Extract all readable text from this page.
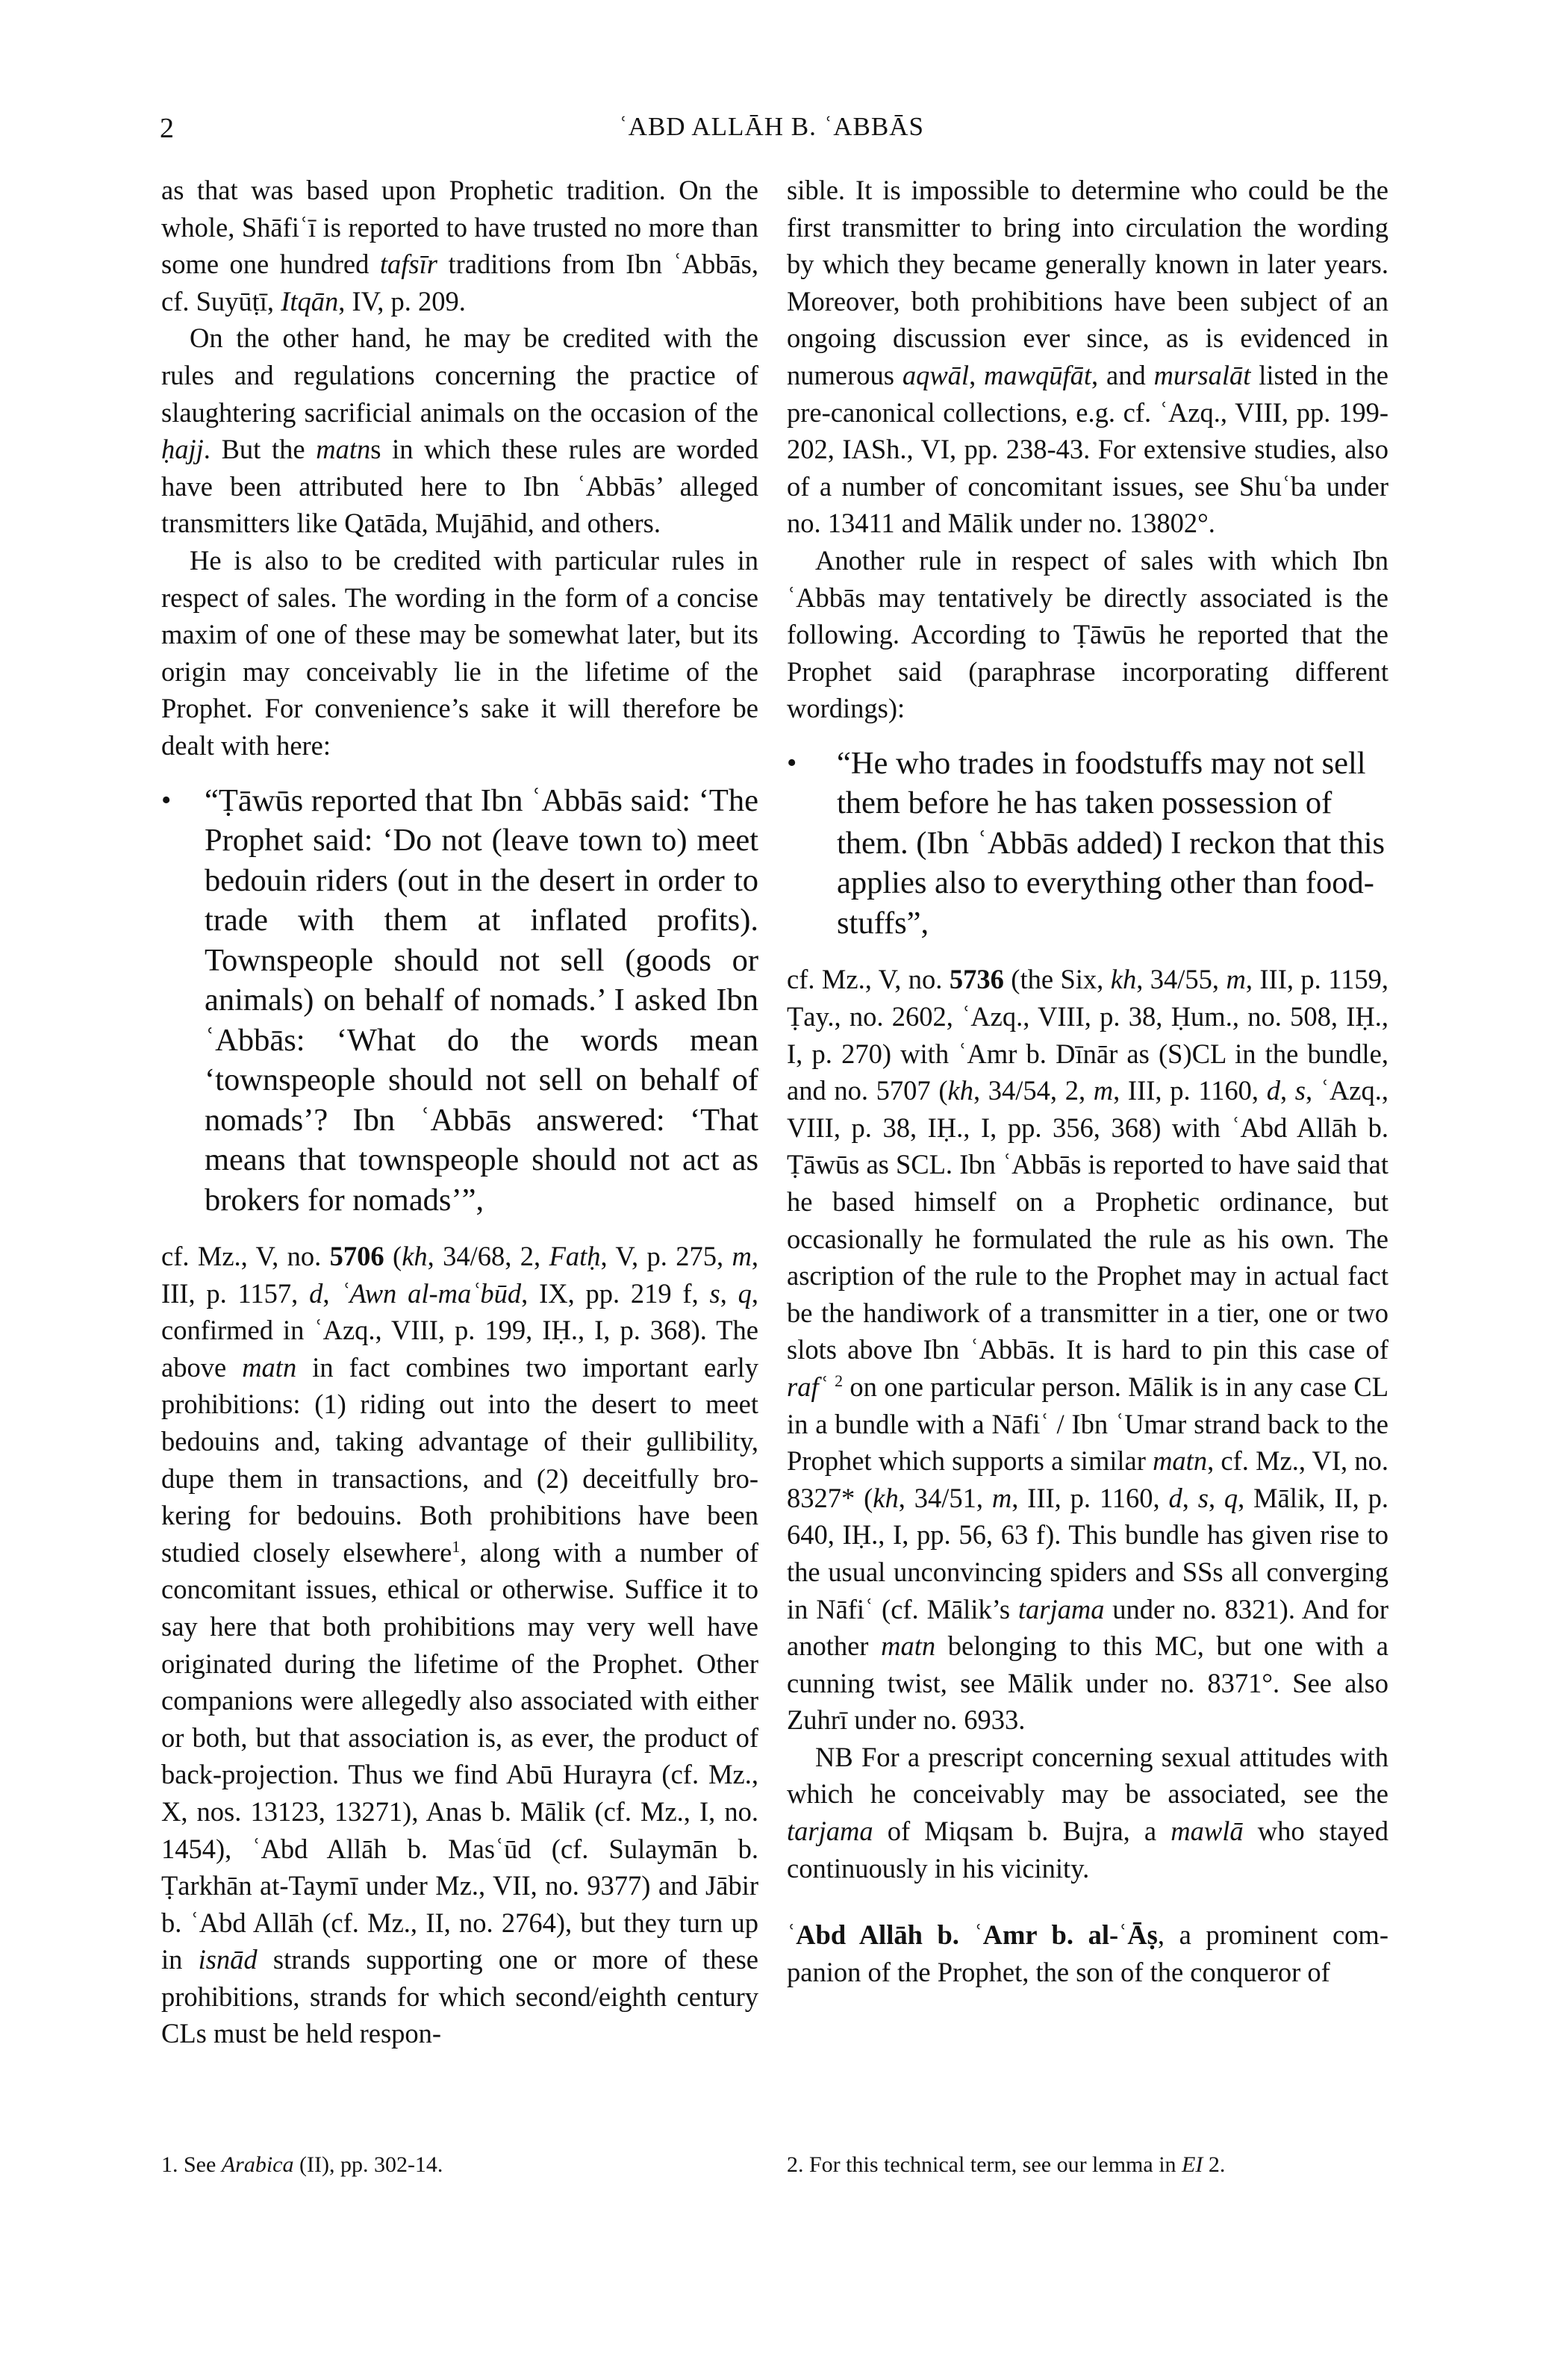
2	ʿABD ALLĀH B. ʿABBĀS

as that was based upon Prophetic tradition. On the whole, Shāfiʿī is reported to have trusted no more than some one hundred tafsīr traditions from Ibn ʿAbbās, cf. Suyūṭī, Itqān, IV, p. 209.

On the other hand, he may be credited with the rules and regulations concerning the practice of slaughtering sacrificial animals on the occasion of the ḥajj. But the matns in which these rules are worded have been attributed here to Ibn ʿAbbās’ alleged transmitters like Qatāda, Mujāhid, and others.

He is also to be credited with particular rules in respect of sales. The wording in the form of a concise maxim of one of these may be somewhat later, but its origin may conceivably lie in the lifetime of the Prophet. For convenience’s sake it will therefore be dealt with here:

• “Ṭāwūs reported that Ibn ʿAbbās said: ‘The Prophet said: ‘Do not (leave town to) meet bedouin riders (out in the desert in order to trade with them at inflated profits). Townspeople should not sell (goods or animals) on behalf of nomads.’ I asked Ibn ʿAbbās: ‘What do the words mean ‘townspeople should not sell on behalf of nomads’? Ibn ʿAbbās answered: ‘That means that townspeople should not act as brokers for nomads’”,

cf. Mz., V, no. 5706 (kh, 34/68, 2, Fatḥ, V, p. 275, m, III, p. 1157, d, ʿAwn al-maʿbūd, IX, pp. 219 f, s, q, confirmed in ʿAzq., VIII, p. 199, IḤ., I, p. 368). The above matn in fact combines two important early prohibitions: (1) riding out into the desert to meet bedouins and, taking advantage of their gullibility, dupe them in transactions, and (2) deceitfully brokering for bedouins. Both prohibitions have been studied closely elsewhere$^1$, along with a number of concomitant issues, ethical or otherwise. Suffice it to say here that both prohibitions may very well have originated during the lifetime of the Prophet. Other companions were allegedly also associated with either or both, but that association is, as ever, the product of back-projection. Thus we find Abū Hurayra (cf. Mz., X, nos. 13123, 13271), Anas b. Mālik (cf. Mz., I, no. 1454), ʿAbd Allāh b. Masʿūd (cf. Sulaymān b. Ṭarkhān at-Taymī under Mz., VII, no. 9377) and Jābir b. ʿAbd Allāh (cf. Mz., II, no. 2764), but they turn up in isnād strands supporting one or more of these prohibitions, strands for which second/eighth century CLs must be held respon-

sible. It is impossible to determine who could be the first transmitter to bring into circulation the wording by which they became generally known in later years. Moreover, both prohibitions have been subject of an ongoing discussion ever since, as is evidenced in numerous aqwāl, mawqūfāt, and mursalāt listed in the pre-canonical collections, e.g. cf. ʿAzq., VIII, pp. 199-202, IASh., VI, pp. 238-43. For extensive studies, also of a number of concomitant issues, see Shuʿba under no. 13411 and Mālik under no. 13802°.

Another rule in respect of sales with which Ibn ʿAbbās may tentatively be directly associated is the following. According to Ṭāwūs he reported that the Prophet said (paraphrase incorporating different wordings):

• “He who trades in foodstuffs may not sell them before he has taken possession of them. (Ibn ʿAbbās added) I reckon that this applies also to everything other than foodstuffs”,

cf. Mz., V, no. 5736 (the Six, kh, 34/55, m, III, p. 1159, Ṭay., no. 2602, ʿAzq., VIII, p. 38, Ḥum., no. 508, IḤ., I, p. 270) with ʿAmr b. Dīnār as (S)CL in the bundle, and no. 5707 (kh, 34/54, 2, m, III, p. 1160, d, s, ʿAzq., VIII, p. 38, IḤ., I, pp. 356, 368) with ʿAbd Allāh b. Ṭāwūs as SCL. Ibn ʿAbbās is reported to have said that he based himself on a Prophetic ordinance, but occasionally he formulated the rule as his own. The ascription of the rule to the Prophet may in actual fact be the handiwork of a transmitter in a tier, one or two slots above Ibn ʿAbbās. It is hard to pin this case of rafʿ $^2$ on one particular person. Mālik is in any case CL in a bundle with a Nāfiʿ / Ibn ʿUmar strand back to the Prophet which supports a similar matn, cf. Mz., VI, no. 8327* (kh, 34/51, m, III, p. 1160, d, s, q, Mālik, II, p. 640, IḤ., I, pp. 56, 63 f). This bundle has given rise to the usual unconvincing spiders and SSs all converging in Nāfiʿ (cf. Mālik’s tarjama under no. 8321). And for another matn belonging to this MC, but one with a cunning twist, see Mālik under no. 8371°. See also Zuhrī under no. 6933.

NB For a prescript concerning sexual attitudes with which he conceivably may be associated, see the tarjama of Miqsam b. Bujra, a mawlā who stayed continuously in his vicinity.

ʿAbd Allāh b. ʿAmr b. al-ʿĀṣ, a prominent companion of the Prophet, the son of the conqueror of

1. See Arabica (II), pp. 302-14.	2. For this technical term, see our lemma in EI 2.
